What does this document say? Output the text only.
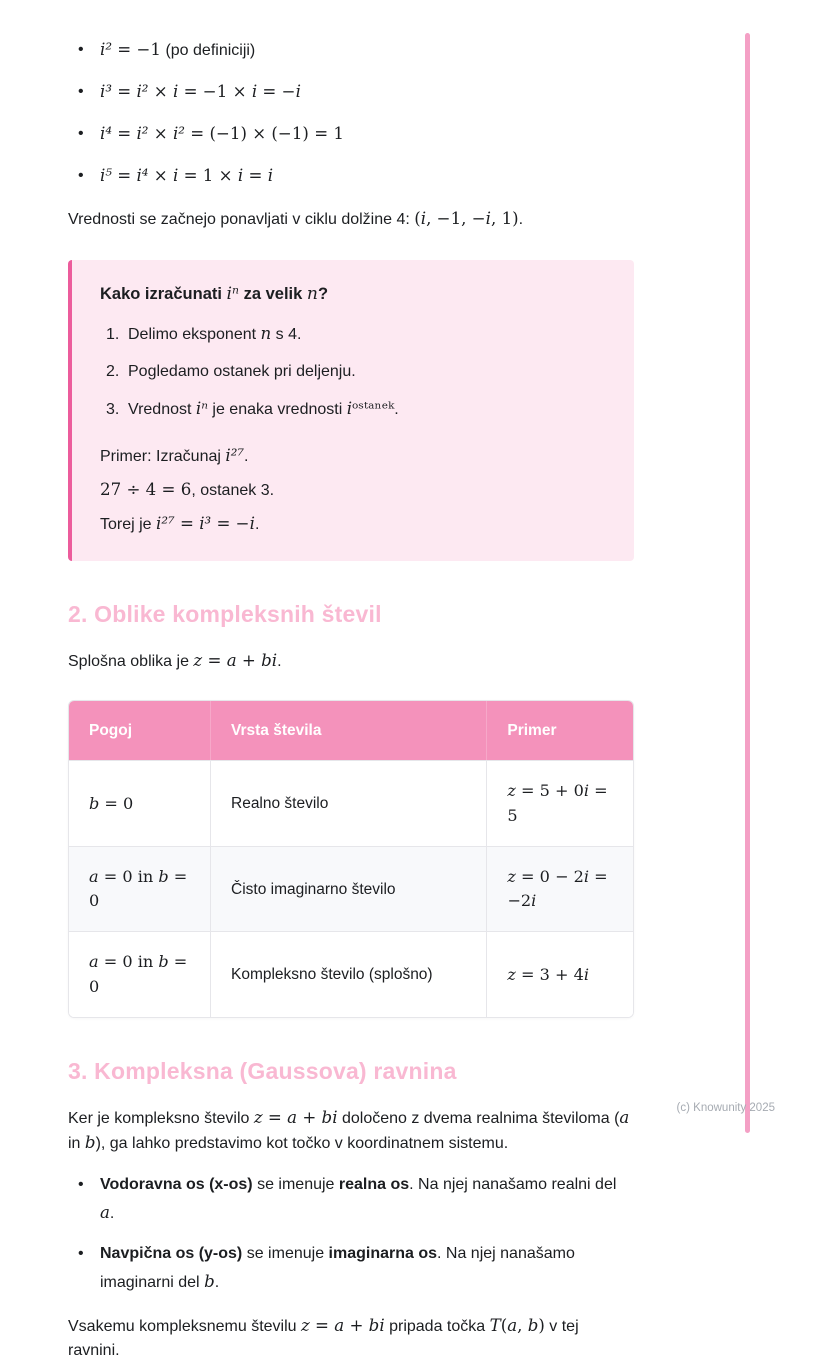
• i² = −1 (po definiciji)
• i³ = i² × i = −1 × i = −i
• i⁴ = i² × i² = (−1) × (−1) = 1
• i⁵ = i⁴ × i = 1 × i = i

Vrednosti se začnejo ponavljati v ciklu dolžine 4: (i, −1, −i, 1).

Kako izračunati iⁿ za velik n?

1. Delimo eksponent n s 4.
2. Pogledamo ostanek pri deljenju.
3. Vrednost iⁿ je enaka vrednosti iᵒˢᵗᵃⁿᵉᵏ.

Primer: Izračunaj i²⁷.

27 ÷ 4 = 6, ostanek 3.

Torej je i²⁷ = i³ = −i.

2. Oblike kompleksnih števil

Splošna oblika je z = a + bi.

Pogoj	Vrsta števila	Primer
b = 0	Realno število	z = 5 + 0i = 5
a = 0 in b = 0	Čisto imaginarno število	z = 0 − 2i = −2i
a = 0 in b = 0	Kompleksno število (splošno)	z = 3 + 4i
3. Kompleksna (Gaussova) ravnina

Ker je kompleksno število z = a + bi določeno z dvema realnima številoma (a in b), ga lahko predstavimo kot točko v koordinatnem sistemu.

•	Vodoravna os (x-os) se imenuje realna os. Na njej nanašamo realni del a.
•	Navpična os (y-os) se imenuje imaginarna os. Na njej nanašamo imaginarni del b.

Vsakemu kompleksnemu številu z = a + bi pripada točka T(a, b) v tej ravnini.

(c) Knowunity 2025
